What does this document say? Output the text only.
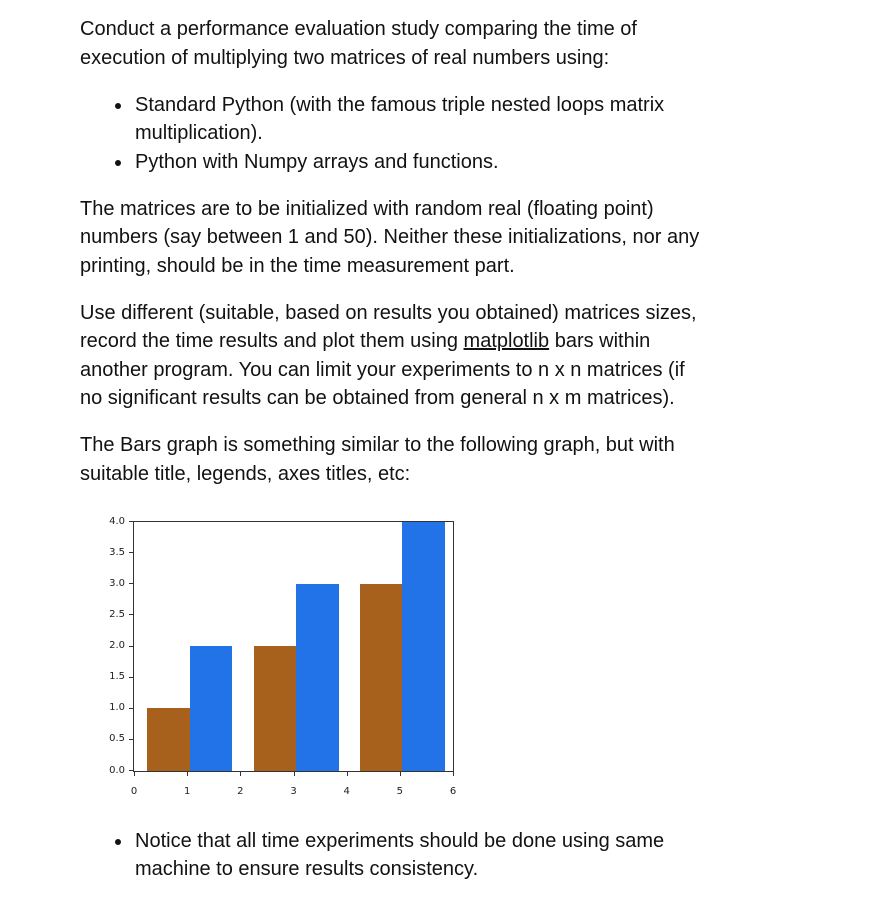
Conduct a performance evaluation study comparing the time of
execution of multiplying two matrices of real numbers using:

• Standard Python (with the famous triple nested loops matrix
multiplication).
• Python with Numpy arrays and functions.

The matrices are to be initialized with random real (floating point)
numbers (say between 1 and 50). Neither these initializations, nor any
printing, should be in the time measurement part.

Use different (suitable, based on results you obtained) matrices sizes,
record the time results and plot them using matplotlib bars within
another program. You can limit your experiments to n x n matrices (if
no significant results can be obtained from general n x m matrices).

The Bars graph is something similar to the following graph, but with
suitable title, legends, axes titles, etc:

0	1	2	3	4	5	6
0.0
0.5
1.0
1.5
2.0
2.5
3.0
3.5
4.0
• Notice that all time experiments should be done using same
machine to ensure results consistency.
